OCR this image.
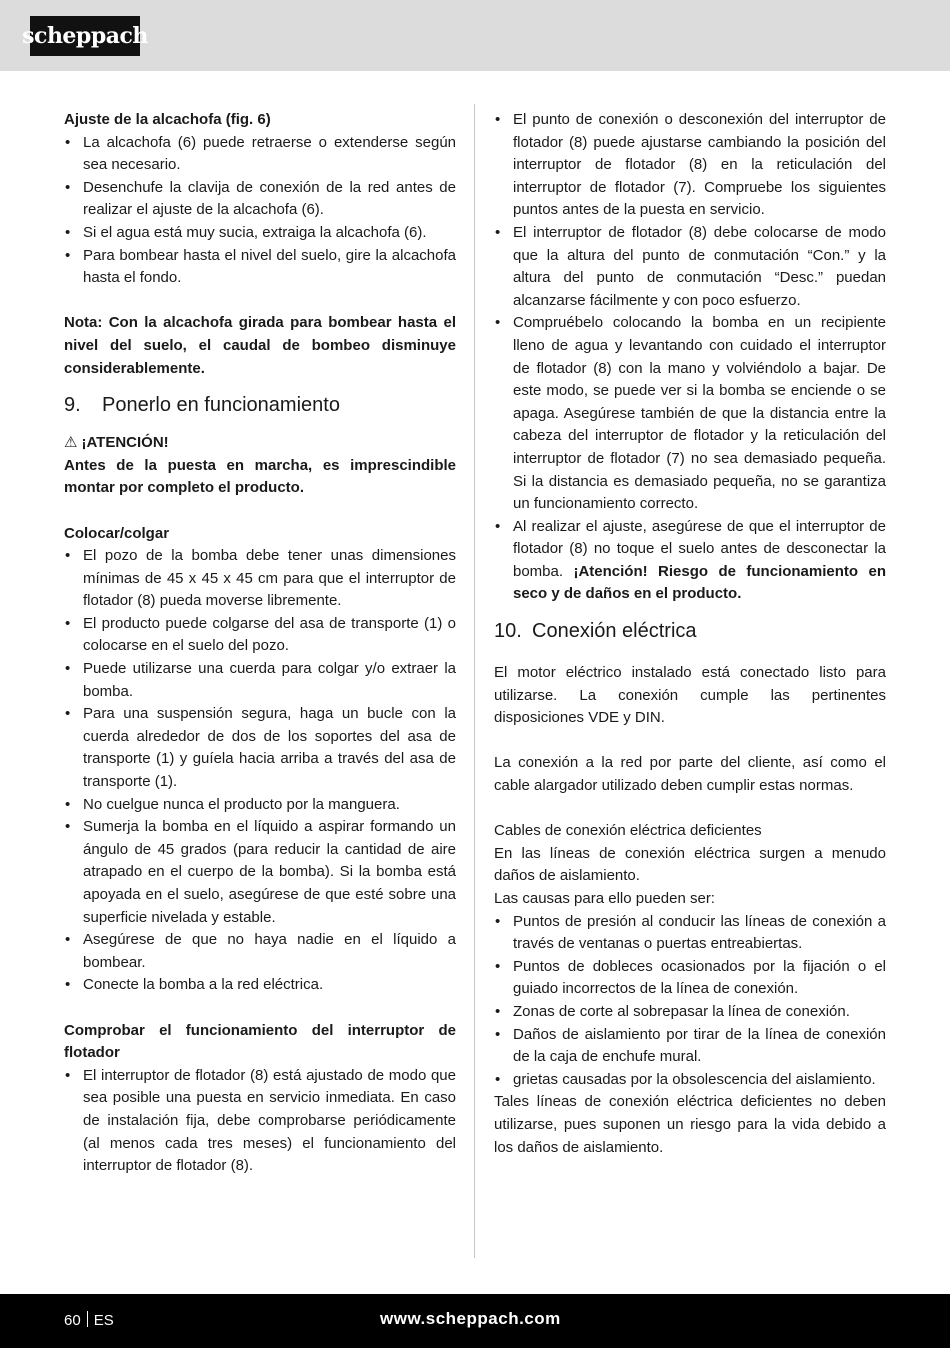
scheppach

Ajuste de la alcachofa (fig. 6)

• La alcachofa (6) puede retraerse o extenderse según sea necesario.
• Desenchufe la clavija de conexión de la red antes de realizar el ajuste de la alcachofa (6).
• Si el agua está muy sucia, extraiga la alcachofa (6).
• Para bombear hasta el nivel del suelo, gire la alcachofa hasta el fondo.

Nota: Con la alcachofa girada para bombear hasta el nivel del suelo, el caudal de bombeo disminuye considerablemente.

9. Ponerlo en funcionamiento

⚠ ¡ATENCIÓN!

Antes de la puesta en marcha, es imprescindible montar por completo el producto.

Colocar/colgar

• El pozo de la bomba debe tener unas dimensiones mínimas de 45 x 45 x 45 cm para que el interruptor de flotador (8) pueda moverse libremente.
• El producto puede colgarse del asa de transporte (1) o colocarse en el suelo del pozo.
• Puede utilizarse una cuerda para colgar y/o extraer la bomba.
• Para una suspensión segura, haga un bucle con la cuerda alrededor de dos de los soportes del asa de transporte (1) y guíela hacia arriba a través del asa de transporte (1).
• No cuelgue nunca el producto por la manguera.
• Sumerja la bomba en el líquido a aspirar formando un ángulo de 45 grados (para reducir la cantidad de aire atrapado en el cuerpo de la bomba). Si la bomba está apoyada en el suelo, asegúrese de que esté sobre una superficie nivelada y estable.
• Asegúrese de que no haya nadie en el líquido a bombear.
• Conecte la bomba a la red eléctrica.

Comprobar el funcionamiento del interruptor de flotador

• El interruptor de flotador (8) está ajustado de modo que sea posible una puesta en servicio inmediata. En caso de instalación fija, debe comprobarse periódicamente (al menos cada tres meses) el funcionamiento del interruptor de flotador (8).
• El punto de conexión o desconexión del interruptor de flotador (8) puede ajustarse cambiando la posición del interruptor de flotador (8) en la reticulación del interruptor de flotador (7). Compruebe los siguientes puntos antes de la puesta en servicio.
• El interruptor de flotador (8) debe colocarse de modo que la altura del punto de conmutación “Con.” y la altura del punto de conmutación “Desc.” puedan alcanzarse fácilmente y con poco esfuerzo.
• Compruébelo colocando la bomba en un recipiente lleno de agua y levantando con cuidado el interruptor de flotador (8) con la mano y volviéndolo a bajar. De este modo, se puede ver si la bomba se enciende o se apaga. Asegúrese también de que la distancia entre la cabeza del interruptor de flotador y la reticulación del interruptor de flotador (7) no sea demasiado pequeña. Si la distancia es demasiado pequeña, no se garantiza un funcionamiento correcto.
• Al realizar el ajuste, asegúrese de que el interruptor de flotador (8) no toque el suelo antes de desconectar la bomba. ¡Atención! Riesgo de funcionamiento en seco y de daños en el producto.
10. Conexión eléctrica

El motor eléctrico instalado está conectado listo para utilizarse. La conexión cumple las pertinentes disposiciones VDE y DIN.

La conexión a la red por parte del cliente, así como el cable alargador utilizado deben cumplir estas normas.

Cables de conexión eléctrica deficientes

En las líneas de conexión eléctrica surgen a menudo daños de aislamiento.

Las causas para ello pueden ser:

• Puntos de presión al conducir las líneas de conexión a través de ventanas o puertas entreabiertas.
• Puntos de dobleces ocasionados por la fijación o el guiado incorrectos de la línea de conexión.
• Zonas de corte al sobrepasar la línea de conexión.
• Daños de aislamiento por tirar de la línea de conexión de la caja de enchufe mural.
• grietas causadas por la obsolescencia del aislamiento.

Tales líneas de conexión eléctrica deficientes no deben utilizarse, pues suponen un riesgo para la vida debido a los daños de aislamiento.

60 ES	www.scheppach.com
